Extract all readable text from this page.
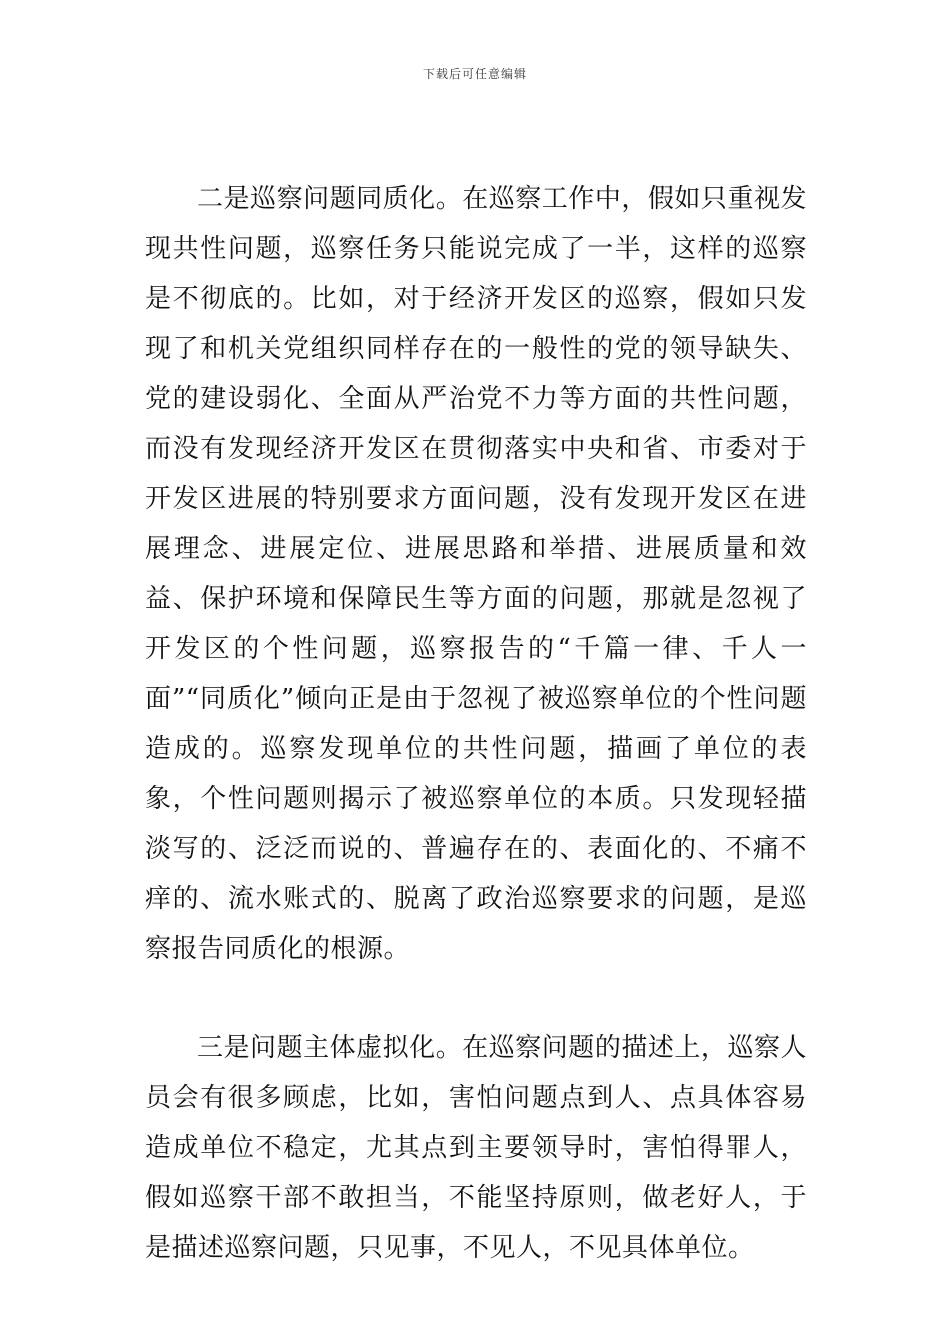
下载后可任意编辑

二是巡察问题同质化。在巡察工作中，假如只重视发现共性问题，巡察任务只能说完成了一半，这样的巡察是不彻底的。比如，对于经济开发区的巡察，假如只发现了和机关党组织同样存在的一般性的党的领导缺失、党的建设弱化、全面从严治党不力等方面的共性问题，而没有发现经济开发区在贯彻落实中央和省、市委对于开发区进展的特别要求方面问题，没有发现开发区在进展理念、进展定位、进展思路和举措、进展质量和效益、保护环境和保障民生等方面的问题，那就是忽视了开发区的个性问题，巡察报告的“千篇一律、千人一面”“同质化”倾向正是由于忽视了被巡察单位的个性问题造成的。巡察发现单位的共性问题，描画了单位的表象，个性问题则揭示了被巡察单位的本质。只发现轻描淡写的、泛泛而说的、普遍存在的、表面化的、不痛不痒的、流水账式的、脱离了政治巡察要求的问题，是巡察报告同质化的根源。

三是问题主体虚拟化。在巡察问题的描述上，巡察人员会有很多顾虑，比如，害怕问题点到人、点具体容易造成单位不稳定，尤其点到主要领导时，害怕得罪人，假如巡察干部不敢担当，不能坚持原则，做老好人，于是描述巡察问题，只见事，不见人，不见具体单位。
